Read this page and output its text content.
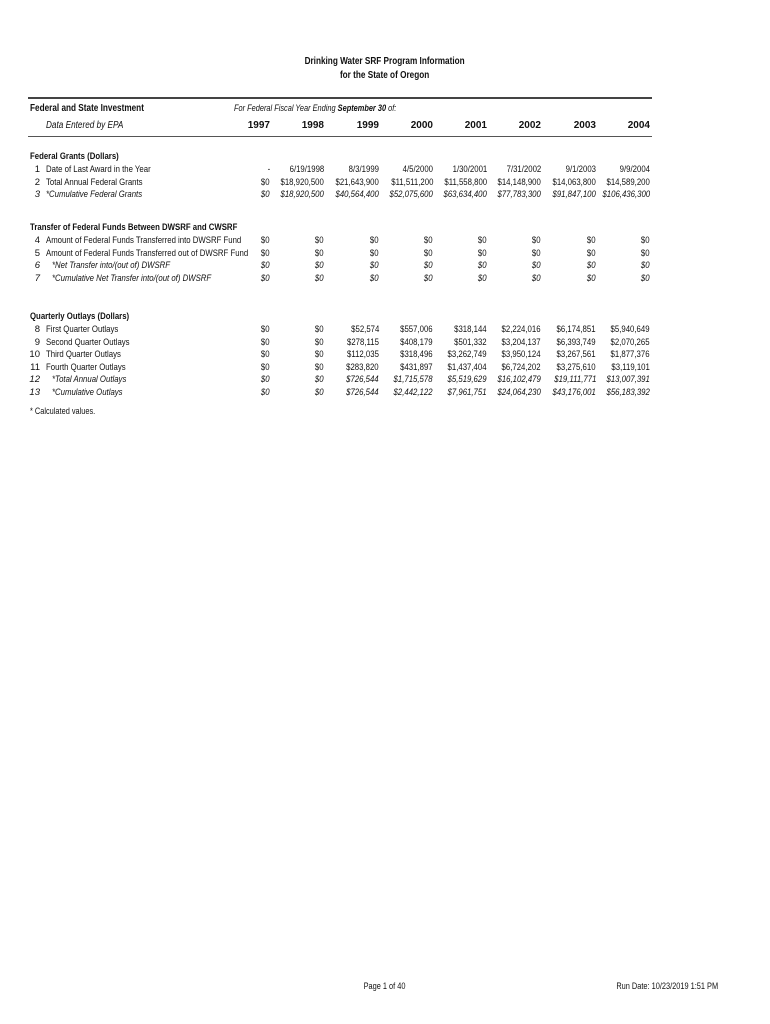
Drinking Water SRF Program Information
for the State of Oregon
Federal and State Investment
Data Entered by EPA
For Federal Fiscal Year Ending September 30 of:
1997	1998	1999	2000	2001	2002	2003	2004
Federal Grants (Dollars)
1 Date of Last Award in the Year	-	6/19/1998	8/3/1999	4/5/2000	1/30/2001	7/31/2002	9/1/2003	9/9/2004
2 Total Annual Federal Grants	$0	$18,920,500	$21,643,900	$11,511,200	$11,558,800	$14,148,900	$14,063,800	$14,589,200
3 *Cumulative Federal Grants	$0	$18,920,500	$40,564,400	$52,075,600	$63,634,400	$77,783,300	$91,847,100 $106,436,300
Transfer of Federal Funds Between DWSRF and CWSRF
4 Amount of Federal Funds Transferred into DWSRF Fund	$0	$0	$0	$0	$0	$0	$0	$0
5 Amount of Federal Funds Transferred out of DWSRF Fund	$0	$0	$0	$0	$0	$0	$0	$0
6 *Net Transfer into/(out of) DWSRF	$0	$0	$0	$0	$0	$0	$0	$0
7 *Cumulative Net Transfer into/(out of) DWSRF	$0	$0	$0	$0	$0	$0	$0	$0
Quarterly Outlays (Dollars)
8 First Quarter Outlays	$0	$0	$52,574	$557,006	$318,144	$2,224,016	$6,174,851	$5,940,649
9 Second Quarter Outlays	$0	$0	$278,115	$408,179	$501,332	$3,204,137	$6,393,749	$2,070,265
10 Third Quarter Outlays	$0	$0	$112,035	$318,496	$3,262,749	$3,950,124	$3,267,561	$1,877,376
11 Fourth Quarter Outlays	$0	$0	$283,820	$431,897	$1,437,404	$6,724,202	$3,275,610	$3,119,101
12 *Total Annual Outlays	$0	$0	$726,544	$1,715,578	$5,519,629	$16,102,479	$19,111,771	$13,007,391
13 *Cumulative Outlays	$0	$0	$726,544	$2,442,122	$7,961,751	$24,064,230	$43,176,001	$56,183,392
* Calculated values.
Page 1 of 40	Run Date: 10/23/2019 1:51 PM
